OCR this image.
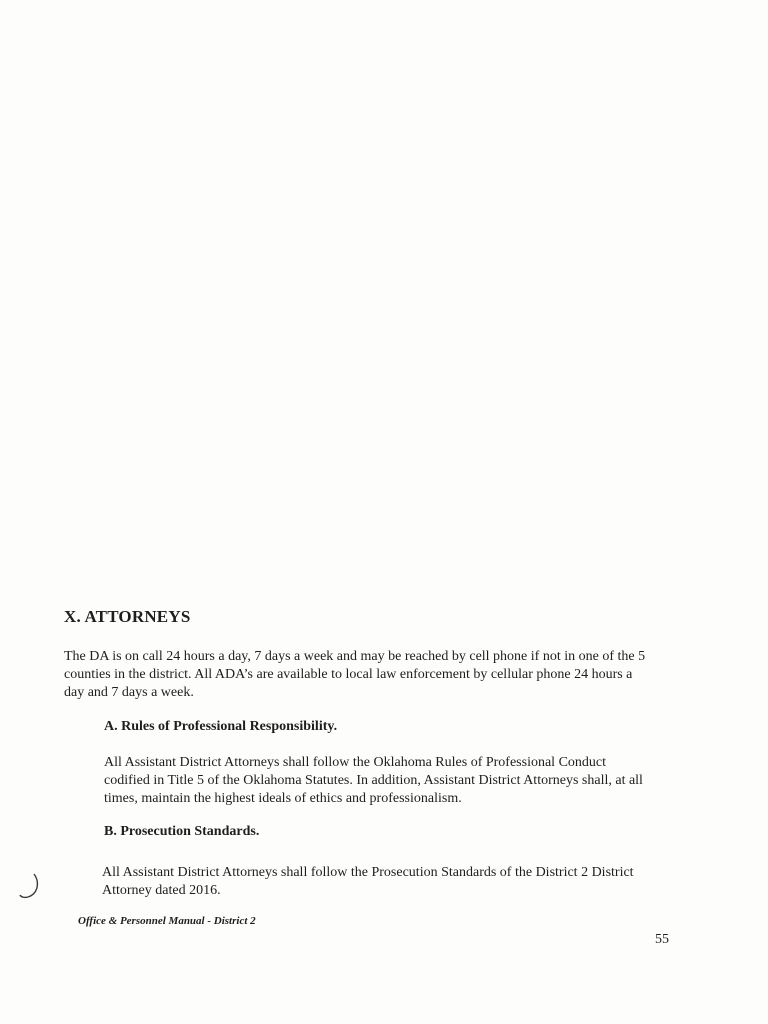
X. ATTORNEYS

The DA is on call 24 hours a day, 7 days a week and may be reached by cell phone if not in one of the 5
counties in the district. All ADA’s are available to local law enforcement by cellular phone 24 hours a
day and 7 days a week.

A. Rules of Professional Responsibility.

All Assistant District Attorneys shall follow the Oklahoma Rules of Professional Conduct
codified in Title 5 of the Oklahoma Statutes. In addition, Assistant District Attorneys shall, at all
times, maintain the highest ideals of ethics and professionalism.

B. Prosecution Standards.

All Assistant District Attorneys shall follow the Prosecution Standards of the District 2 District
Attorney dated 2016.

Office & Personnel Manual - District 2

55
